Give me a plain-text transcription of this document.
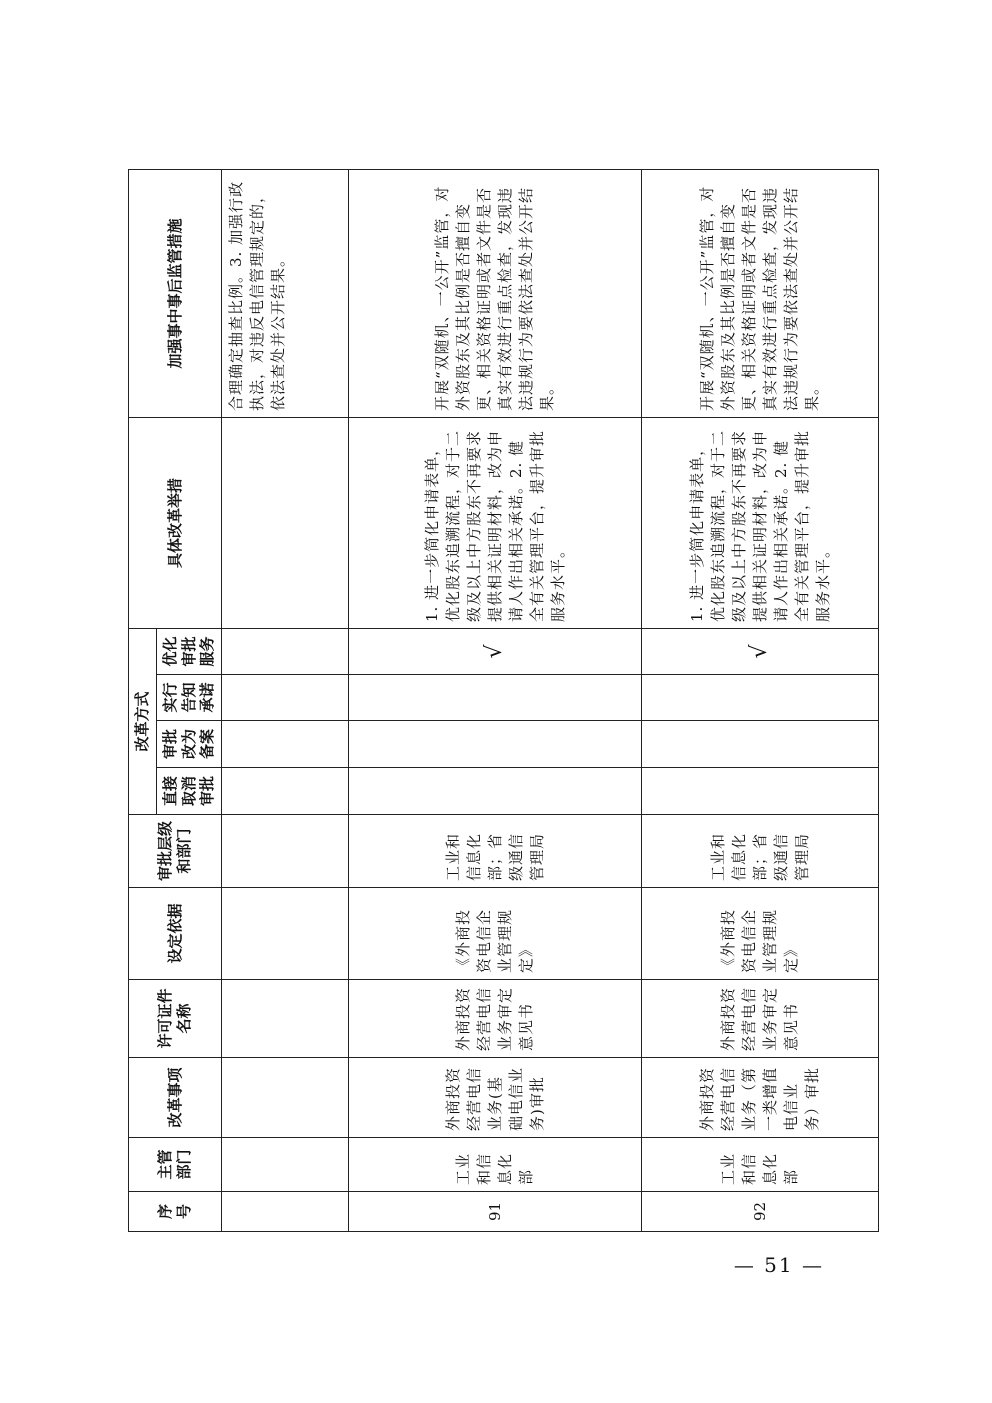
序号	主管部门	改革事项	许可证件名称	设定依据	审批层级和部门	改革方式				具体改革举措	加强事中事后监管措施
						直接取消审批	审批改为备案	实行告知承诺	优化审批服务		

											合理确定抽查比例。3. 加强行政执法，对违反电信管理规定的，依法查处并公开结果。

91	工业和信息化部	外商投资经营电信业务(基础电信业务)审批	外商投资经营电信业务审定意见书	《外商投资电信企业管理规定》	工业和信息化部；省级通信管理局				√	1. 进一步简化申请表单，优化股东追溯流程，对于二级及以上中方股东不再要求提供相关证明材料，改为申请人作出相关承诺。2. 健全有关管理平台，提升审批服务水平。	开展“双随机、一公开”监管，对外资股东及其比例是否擅自变更、相关资格证明或者文件是否真实有效进行重点检查，发现违法违规行为要依法查处并公开结果。

92	工业和信息化部	外商投资经营电信业务（第一类增值电信业务）审批	外商投资经营电信业务审定意见书	《外商投资电信企业管理规定》	工业和信息化部；省级通信管理局				√	1. 进一步简化申请表单，优化股东追溯流程，对于二级及以上中方股东不再要求提供相关证明材料，改为申请人作出相关承诺。2. 健全有关管理平台，提升审批服务水平。	开展“双随机、一公开”监管，对外资股东及其比例是否擅自变更、相关资格证明或者文件是否真实有效进行重点检查，发现违法违规行为要依法查处并公开结果。
— 51 —
